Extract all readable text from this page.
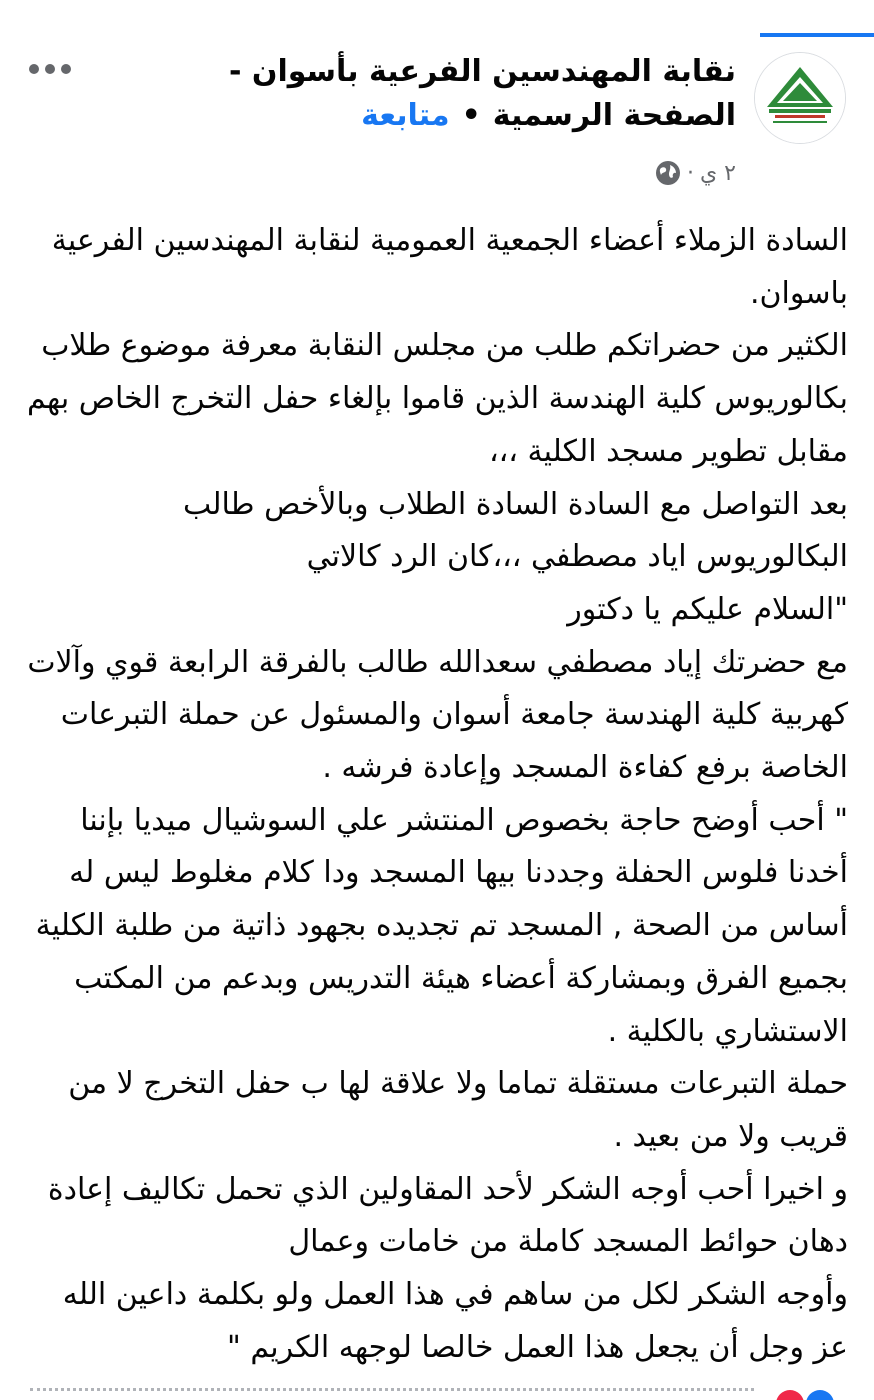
نقابة المهندسين الفرعية بأسوان - الصفحة الرسمية•متابعة
٢ ي
·

السادة الزملاء أعضاء الجمعية العمومية لنقابة المهندسين الفرعية باسوان.

الكثير من حضراتكم طلب من مجلس النقابة معرفة موضوع طلاب بكالوريوس كلية الهندسة الذين قاموا بإلغاء حفل التخرج الخاص بهم مقابل تطوير مسجد الكلية ،،،

بعد التواصل مع السادة السادة الطلاب وبالأخص طالب البكالوريوس اياد مصطفي ،،،كان الرد كالاتي

"السلام عليكم يا دكتور

مع حضرتك إياد مصطفي سعدالله طالب بالفرقة الرابعة قوي وآلات كهربية كلية الهندسة جامعة أسوان والمسئول عن حملة التبرعات الخاصة برفع كفاءة المسجد وإعادة فرشه .

" أحب أوضح حاجة بخصوص المنتشر علي السوشيال ميديا بإننا أخدنا فلوس الحفلة وجددنا بيها المسجد ودا كلام مغلوط ليس له أساس من الصحة , المسجد تم تجديده بجهود ذاتية من طلبة الكلية بجميع الفرق وبمشاركة أعضاء هيئة التدريس وبدعم من المكتب الاستشاري بالكلية .

حملة التبرعات مستقلة تماما ولا علاقة لها ب حفل التخرج لا من قريب ولا من بعيد .

و اخيرا أحب أوجه الشكر لأحد المقاولين الذي تحمل تكاليف إعادة دهان حوائط المسجد كاملة من خامات وعمال

وأوجه الشكر لكل من ساهم في هذا العمل ولو بكلمة داعين الله عز وجل أن يجعل هذا العمل خالصا لوجهه الكريم "
